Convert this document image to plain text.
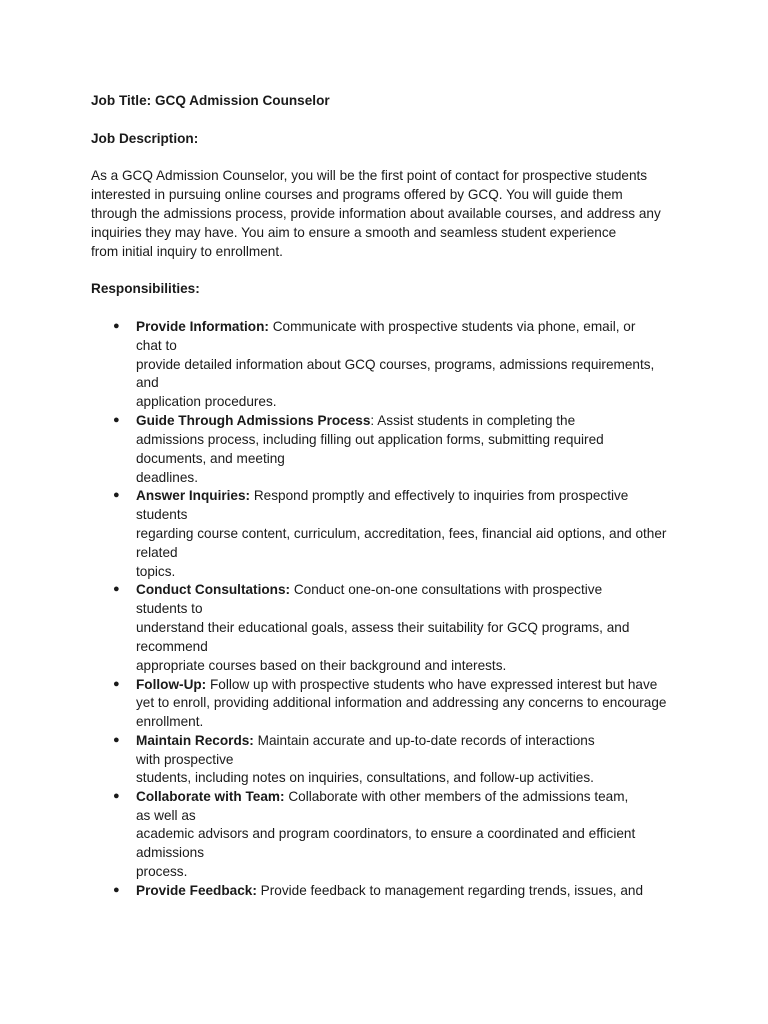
Job Title: GCQ Admission Counselor
Job Description:
As a GCQ Admission Counselor, you will be the first point of contact for prospective students
interested in pursuing online courses and programs offered by GCQ. You will guide them
through the admissions process, provide information about available courses, and address any
inquiries they may have. You aim to ensure a smooth and seamless student experience
from initial inquiry to enrollment.
Responsibilities:
● Provide Information: Communicate with prospective students via phone, email, or
chat to
provide detailed information about GCQ courses, programs, admissions requirements,
and
application procedures.
● Guide Through Admissions Process: Assist students in completing the
admissions process, including filling out application forms, submitting required
documents, and meeting
deadlines.
● Answer Inquiries: Respond promptly and effectively to inquiries from prospective
students
regarding course content, curriculum, accreditation, fees, financial aid options, and other
related
topics.
● Conduct Consultations: Conduct one-on-one consultations with prospective
students to
understand their educational goals, assess their suitability for GCQ programs, and
recommend
appropriate courses based on their background and interests.
● Follow-Up: Follow up with prospective students who have expressed interest but have
yet to enroll, providing additional information and addressing any concerns to encourage
enrollment.
● Maintain Records: Maintain accurate and up-to-date records of interactions
with prospective
students, including notes on inquiries, consultations, and follow-up activities.
● Collaborate with Team: Collaborate with other members of the admissions team,
as well as
academic advisors and program coordinators, to ensure a coordinated and efficient
admissions
process.
● Provide Feedback: Provide feedback to management regarding trends, issues, and
